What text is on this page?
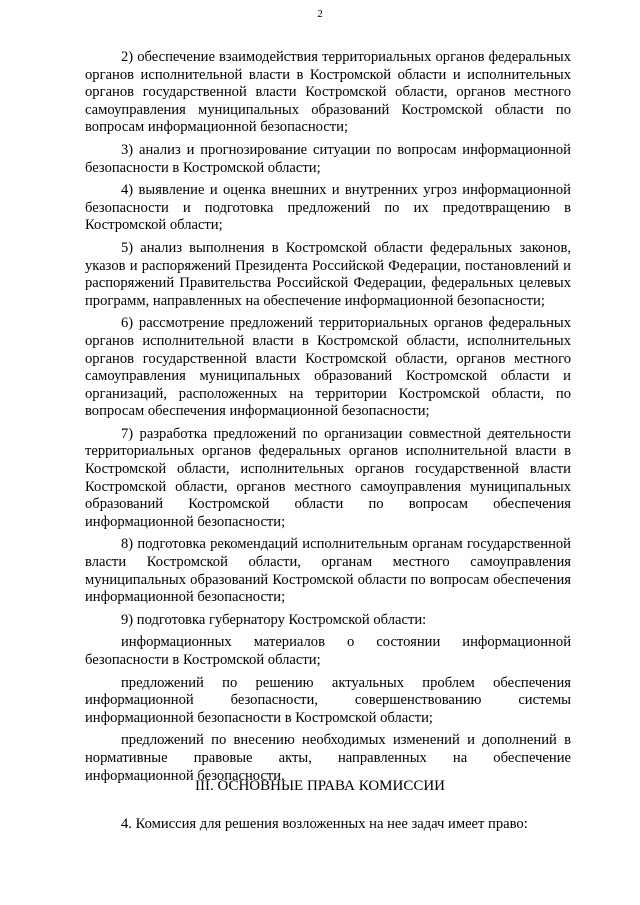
2

2) обеспечение взаимодействия территориальных органов федеральных органов исполнительной власти в Костромской области и исполнительных органов государственной власти Костромской области, органов местного самоуправления муниципальных образований Костромской области по вопросам информационной безопасности;

3) анализ и прогнозирование ситуации по вопросам информационной безопасности в Костромской области;

4) выявление и оценка внешних и внутренних угроз информационной безопасности и подготовка предложений по их предотвращению в Костромской области;

5) анализ выполнения в Костромской области федеральных законов, указов и распоряжений Президента Российской Федерации, постановлений и распоряжений Правительства Российской Федерации, федеральных целевых программ, направленных на обеспечение информационной безопасности;

6) рассмотрение предложений территориальных органов федеральных органов исполнительной власти в Костромской области, исполнительных органов государственной власти Костромской области, органов местного самоуправления муниципальных образований Костромской области и организаций, расположенных на территории Костромской области, по вопросам обеспечения информационной безопасности;

7) разработка предложений по организации совместной деятельности территориальных органов федеральных органов исполнительной власти в Костромской области, исполнительных органов государственной власти Костромской области, органов местного самоуправления муниципальных образований Костромской области по вопросам обеспечения информационной безопасности;

8) подготовка рекомендаций исполнительным органам государственной власти Костромской области, органам местного самоуправления муниципальных образований Костромской области по вопросам обеспечения информационной безопасности;

9) подготовка губернатору Костромской области:

информационных материалов о состоянии информационной безопасности в Костромской области;

предложений по решению актуальных проблем обеспечения информационной безопасности, совершенствованию системы информационной безопасности в Костромской области;

предложений по внесению необходимых изменений и дополнений в нормативные правовые акты, направленных на обеспечение информационной безопасности.

III. ОСНОВНЫЕ ПРАВА КОМИССИИ
4. Комиссия для решения возложенных на нее задач имеет право:
